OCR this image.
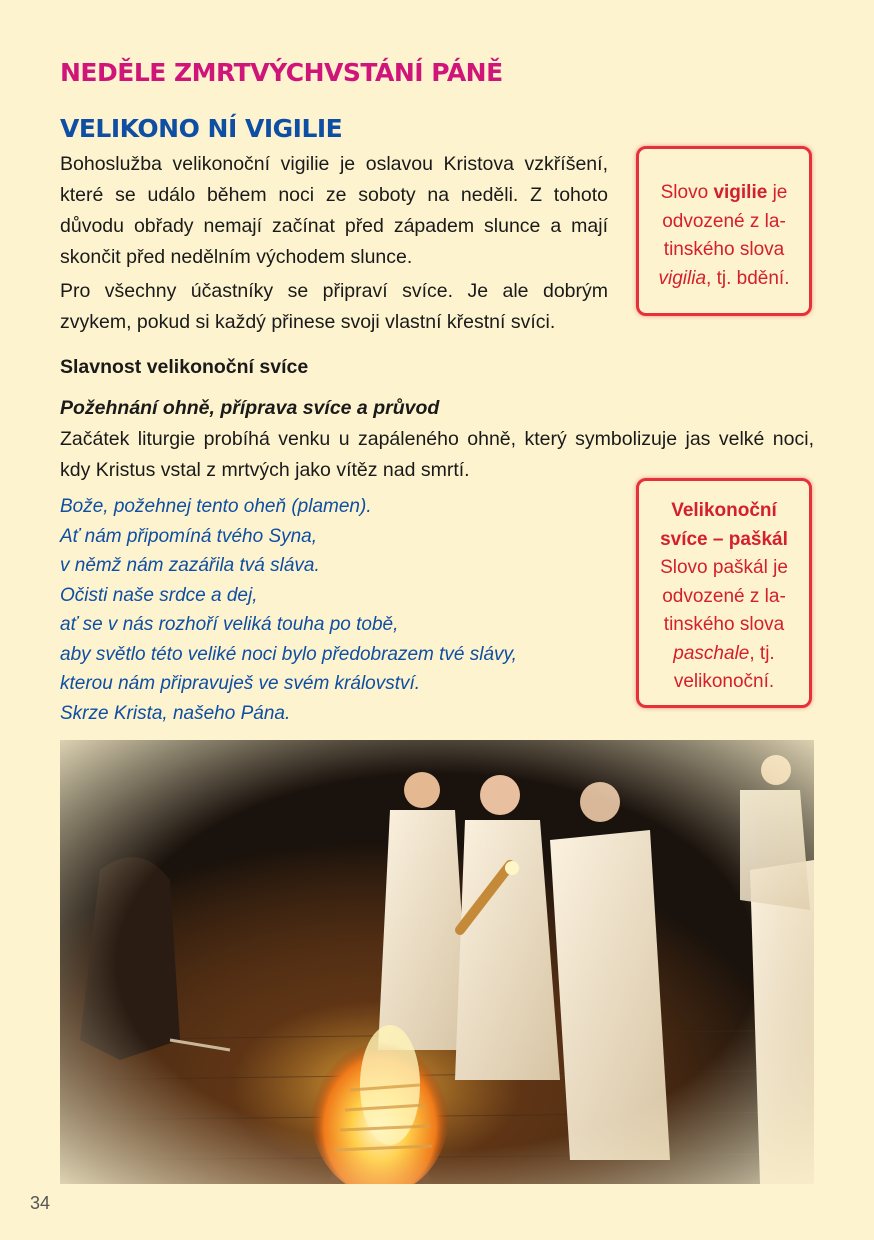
NEDĚLE ZMRTVÝCHVSTÁNÍ PÁNĚ
VELIKONO NÍ VIGILIE

Bohoslužba velikonoční vigilie je oslavou Kristova vzkříšení, které se událo během noci ze soboty na neděli. Z tohoto důvodu obřady nemají začínat před západem slunce a mají skončit před nedělním východem slunce.

Pro všechny účastníky se připraví svíce. Je ale dobrým zvykem, pokud si každý přinese svoji vlastní křestní svíci.

Slovo vigilie je
odvozené z la-
tinského slova
vigilia, tj. bdění.
Slavnost velikonoční svíce
Požehnání ohně, příprava svíce a průvod

Začátek liturgie probíhá venku u zapáleného ohně, který symbolizuje jas velké noci, kdy Kristus vstal z mrtvých jako vítěz nad smrtí.

Bože, požehnej tento oheň (plamen).
Ať nám připomíná tvého Syna,
v němž nám zazářila tvá sláva.
Očisti naše srdce a dej,
ať se v nás rozhoří veliká touha po tobě,
aby světlo této veliké noci bylo předobrazem tvé slávy,
kterou nám připravuješ ve svém království.
Skrze Krista, našeho Pána.
Velikonoční
svíce – paškál
Slovo paškál je
odvozené z la-
tinského slova
paschale, tj.
velikonoční.
34
